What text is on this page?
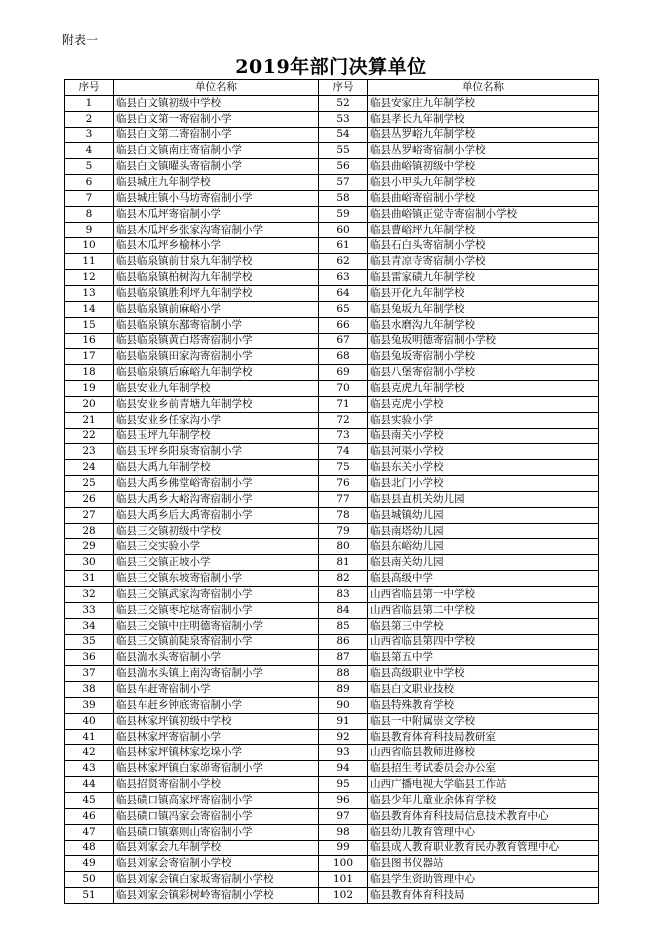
附表一
2019年部门决算单位
序号	单位名称	序号	单位名称
1	临县白文镇初级中学校	52	临县安家庄九年制学校
2	临县白文第一寄宿制小学	53	临县孝长九年制学校
3	临县白文第二寄宿制小学	54	临县丛罗峪九年制学校
4	临县白文镇南庄寄宿制小学	55	临县丛罗峪寄宿制小学校
5	临县白文镇曜头寄宿制小学	56	临县曲峪镇初级中学校
6	临县城庄九年制学校	57	临县小甲头九年制学校
7	临县城庄镇小马坊寄宿制小学	58	临县曲峪寄宿制小学校
8	临县木瓜坪寄宿制小学	59	临县曲峪镇正觉寺寄宿制小学校
9	临县木瓜坪乡张家沟寄宿制小学	60	临县曹峪坪九年制学校
10	临县木瓜坪乡榆林小学	61	临县石白头寄宿制小学校
11	临县临泉镇前甘泉九年制学校	62	临县青凉寺寄宿制小学校
12	临县临泉镇柏树沟九年制学校	63	临县雷家碛九年制学校
13	临县临泉镇胜利坪九年制学校	64	临县开化九年制学校
14	临县临泉镇前麻峪小学	65	临县兔坂九年制学校
15	临县临泉镇东鄯寄宿制小学	66	临县水磨沟九年制学校
16	临县临泉镇黄白塔寄宿制小学	67	临县兔坂明德寄宿制小学校
17	临县临泉镇田家沟寄宿制小学	68	临县兔坂寄宿制小学校
18	临县临泉镇后麻峪九年制学校	69	临县八堡寄宿制小学校
19	临县安业九年制学校	70	临县克虎九年制学校
20	临县安业乡前青塘九年制学校	71	临县克虎小学校
21	临县安业乡任家沟小学	72	临县实验小学
22	临县玉坪九年制学校	73	临县南关小学校
23	临县玉坪乡阳泉寄宿制小学	74	临县河渠小学校
24	临县大禹九年制学校	75	临县东关小学校
25	临县大禹乡佛堂峪寄宿制小学	76	临县北门小学校
26	临县大禹乡大峪沟寄宿制小学	77	临县县直机关幼儿园
27	临县大禹乡后大禹寄宿制小学	78	临县城镇幼儿园
28	临县三交镇初级中学校	79	临县南塔幼儿园
29	临县三交实验小学	80	临县东峪幼儿园
30	临县三交镇正坡小学	81	临县南关幼儿园
31	临县三交镇东坡寄宿制小学	82	临县高级中学
32	临县三交镇武家沟寄宿制小学	83	山西省临县第一中学校
33	临县三交镇枣坨垯寄宿制小学	84	山西省临县第二中学校
34	临县三交镇中庄明德寄宿制小学	85	临县第三中学校
35	临县三交镇前陡泉寄宿制小学	86	山西省临县第四中学校
36	临县湍水头寄宿制小学	87	临县第五中学
37	临县湍水头镇上南沟寄宿制小学	88	临县高级职业中学校
38	临县车赶寄宿制小学	89	临县白文职业技校
39	临县车赶乡钟底寄宿制小学	90	临县特殊教育学校
40	临县林家坪镇初级中学校	91	临县一中附属崇文学校
41	临县林家坪寄宿制小学	92	临县教育体育科技局教研室
42	临县林家坪镇林家圪垛小学	93	山西省临县教师进修校
43	临县林家坪镇白家峁寄宿制小学	94	临县招生考试委员会办公室
44	临县招贤寄宿制小学校	95	山西广播电视大学临县工作站
45	临县碛口镇高家坪寄宿制小学	96	临县少年儿童业余体育学校
46	临县碛口镇冯家会寄宿制小学	97	临县教育体育科技局信息技术教育中心
47	临县碛口镇寨则山寄宿制小学	98	临县幼儿教育管理中心
48	临县刘家会九年制学校	99	临县成人教育职业教育民办教育管理中心
49	临县刘家会寄宿制小学校	100	临县图书仪器站
50	临县刘家会镇白家坂寄宿制小学校	101	临县学生资助管理中心
51	临县刘家会镇彩树岭寄宿制小学校	102	临县教育体育科技局
